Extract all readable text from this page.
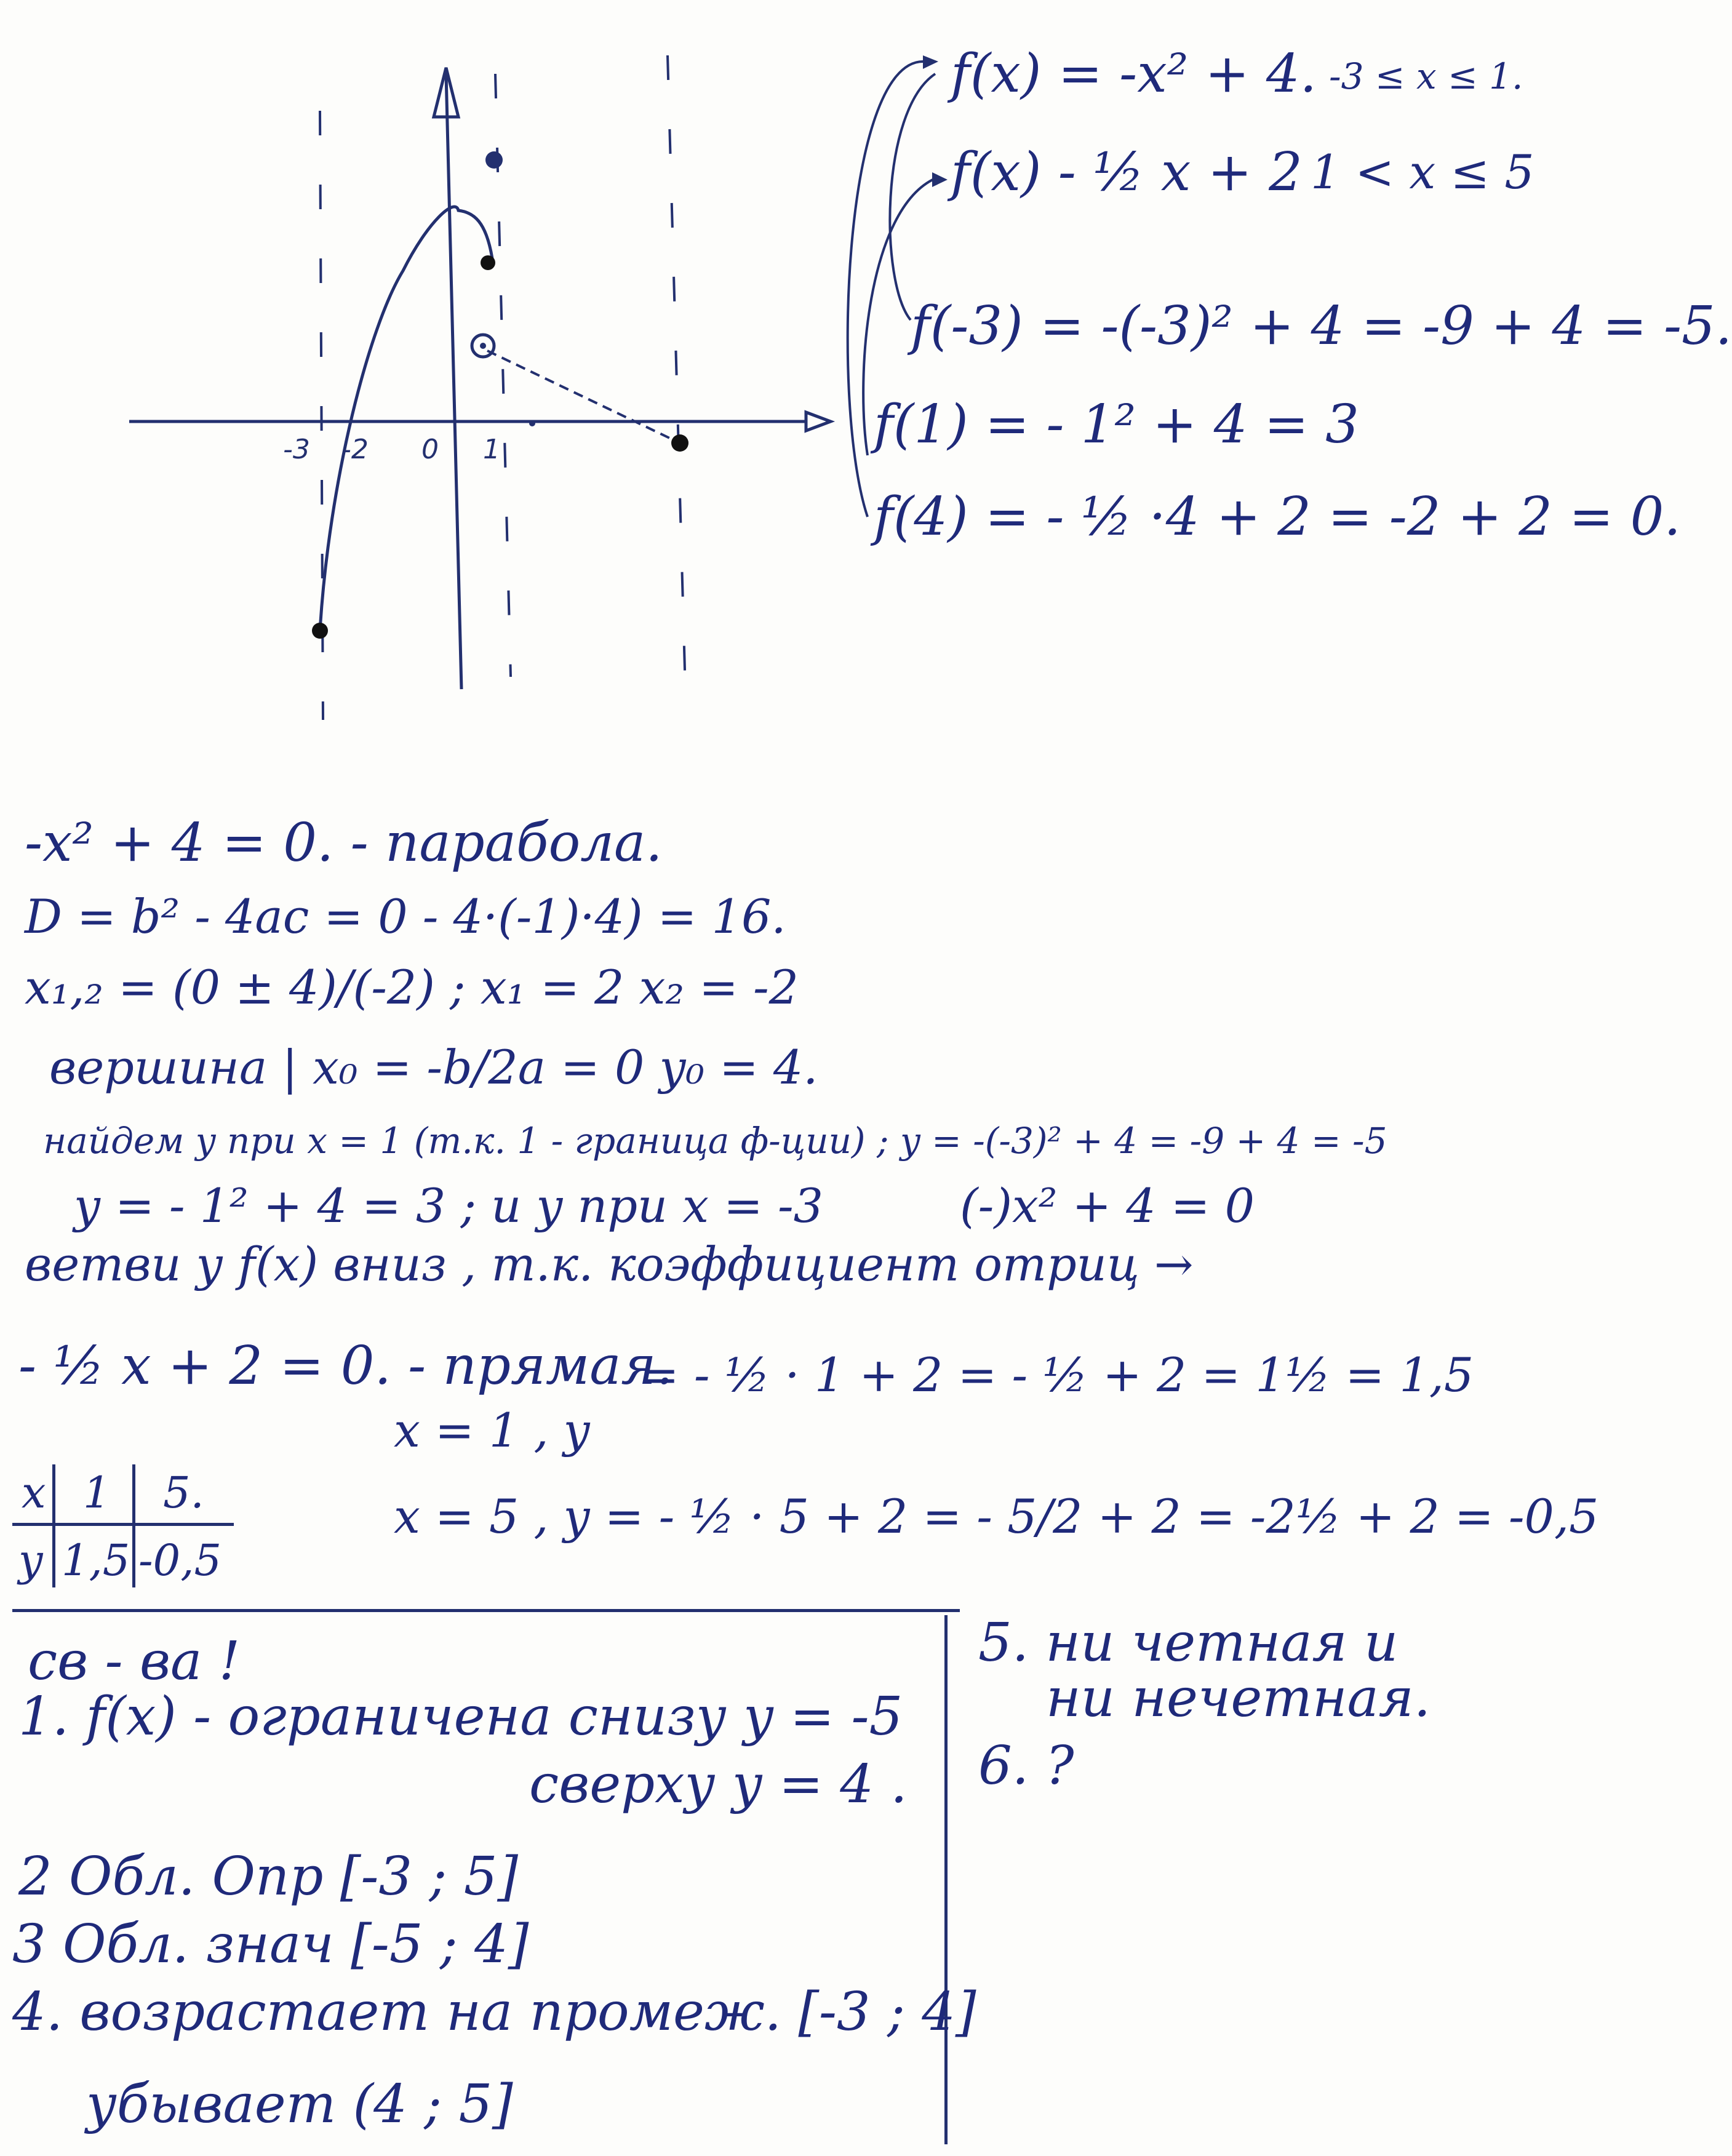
-3 -2 0 1
f(x) = -x² + 4. -3 ≤ x ≤ 1.
f(x) - ½ x + 2 1 < x ≤ 5
f(-3) = -(-3)² + 4 = -9 + 4 = -5.
f(1) = - 1² + 4 = 3
f(4) = - ½ ·4 + 2 = -2 + 2 = 0.
-x² + 4 = 0. - парабола.
D = b² - 4ac = 0 - 4·(-1)·4) = 16.
x₁,₂ = (0 ± 4)/(-2) ; x₁ = 2 x₂ = -2
вершина | x₀ = -b/2a = 0 y₀ = 4.
найдем y при x = 1 (т.к. 1 - граница ф-ции) ; y = -(-3)² + 4 = -9 + 4 = -5
y = - 1² + 4 = 3 ; и y при x = -3
ветви у f(x) вниз , т.к. коэффициент отриц →
(-)x² + 4 = 0
- ½ x + 2 = 0. - прямая.
x = 1 , y
= - ½ · 1 + 2 = - ½ + 2 = 1½ = 1,5
x = 5 , y = - ½ · 5 + 2 = - 5/2 + 2 = -2½ + 2 = -0,5
x
y
1 5.
1,5 -0,5
св - ва !
1. f(x) - ограничена снизу y = -5
сверху y = 4 .
2 Обл. Опр [-3 ; 5]
3 Обл. знач [-5 ; 4]
4. возрастает на промеж. [-3 ; 4]
убывает (4 ; 5]
5. ни четная и
ни нечетная.
6. ?
